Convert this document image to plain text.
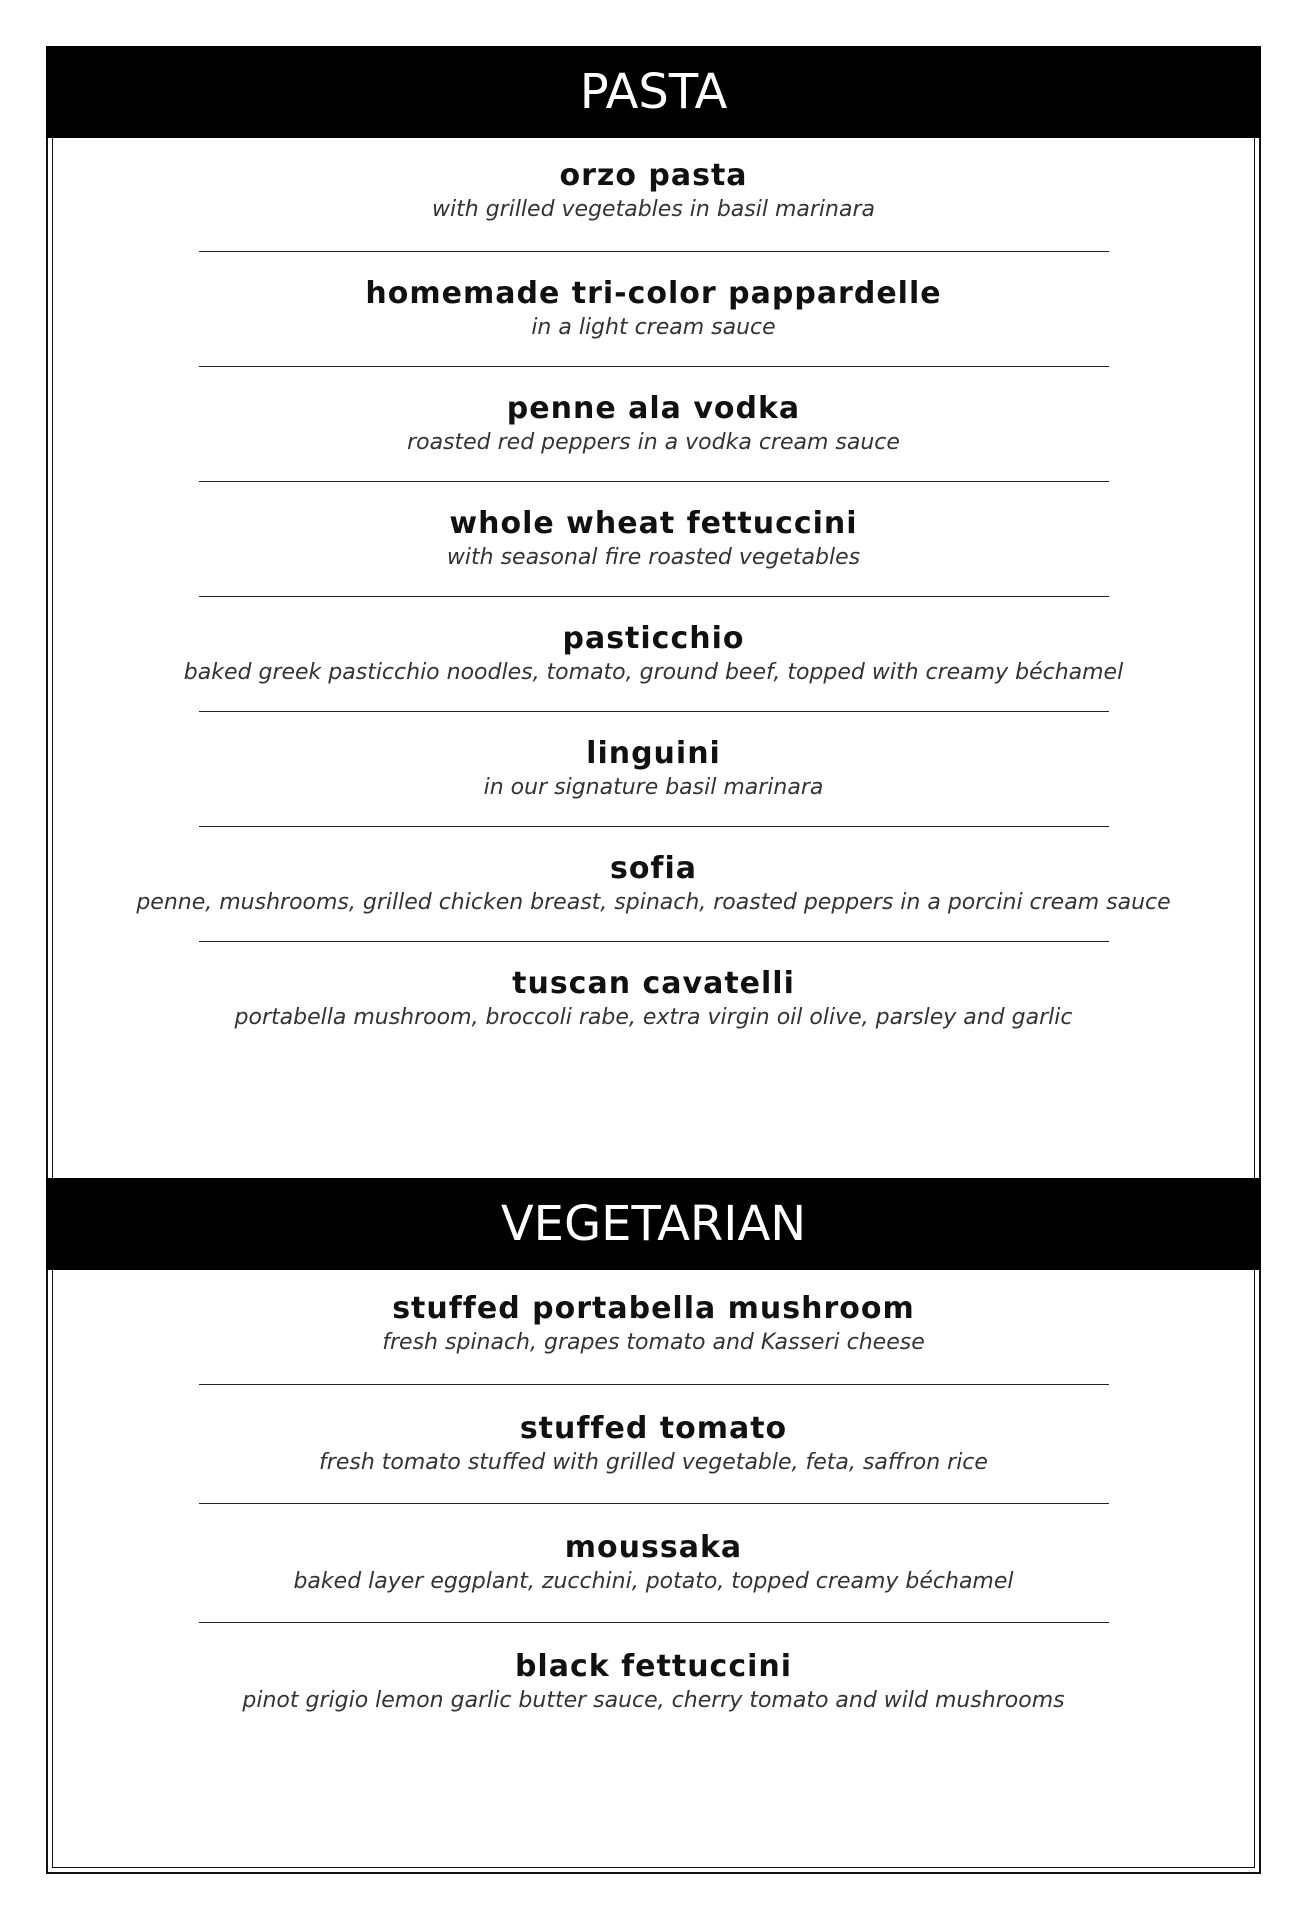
PASTA
orzo pasta
with grilled vegetables in basil marinara
homemade tri-color pappardelle
in a light cream sauce
penne ala vodka
roasted red peppers in a vodka cream sauce
whole wheat fettuccini
with seasonal fire roasted vegetables
pasticchio
baked greek pasticchio noodles, tomato, ground beef, topped with creamy béchamel
linguini
in our signature basil marinara
sofia
penne, mushrooms, grilled chicken breast, spinach, roasted peppers in a porcini cream sauce
tuscan cavatelli
portabella mushroom, broccoli rabe, extra virgin oil olive, parsley and garlic
VEGETARIAN
stuffed portabella mushroom
fresh spinach, grapes tomato and Kasseri cheese
stuffed tomato
fresh tomato stuffed with grilled vegetable, feta, saffron rice
moussaka
baked layer eggplant, zucchini, potato, topped creamy béchamel
black fettuccini
pinot grigio lemon garlic butter sauce, cherry tomato and wild mushrooms
